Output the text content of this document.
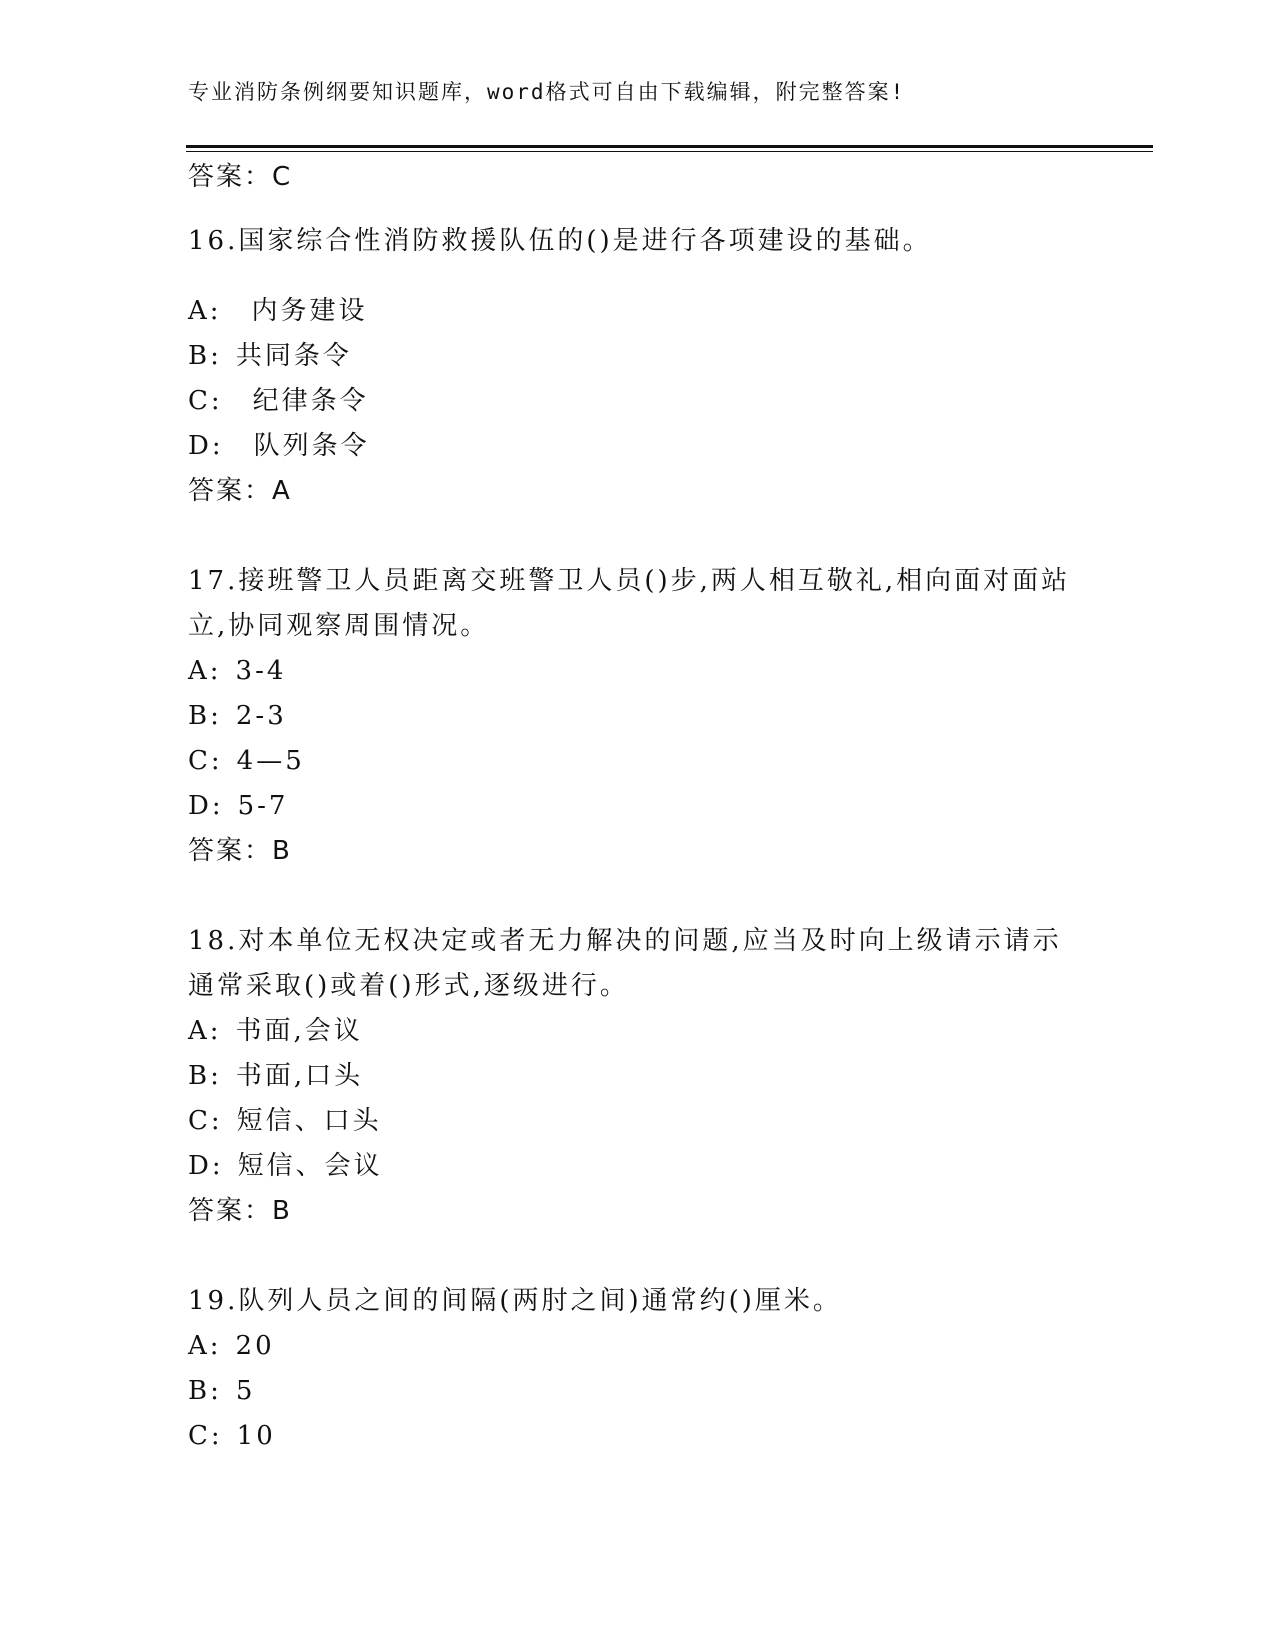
专业消防条例纲要知识题库，word格式可自由下载编辑，附完整答案!
答案：C
16.国家综合性消防救援队伍的()是进行各项建设的基础。
A: 内务建设
B: 共同条令
C: 纪律条令
D: 队列条令
答案：A
17.接班警卫人员距离交班警卫人员()步,两人相互敬礼,相向面对面站
立,协同观察周围情况。
A: 3-4
B: 2-3
C: 4—5
D: 5-7
答案：B
18.对本单位无权决定或者无力解决的问题,应当及时向上级请示请示
通常采取()或着()形式,逐级进行。
A: 书面,会议
B: 书面,口头
C: 短信、口头
D: 短信、会议
答案：B
19.队列人员之间的间隔(两肘之间)通常约()厘米。
A: 20
B: 5
C: 10
